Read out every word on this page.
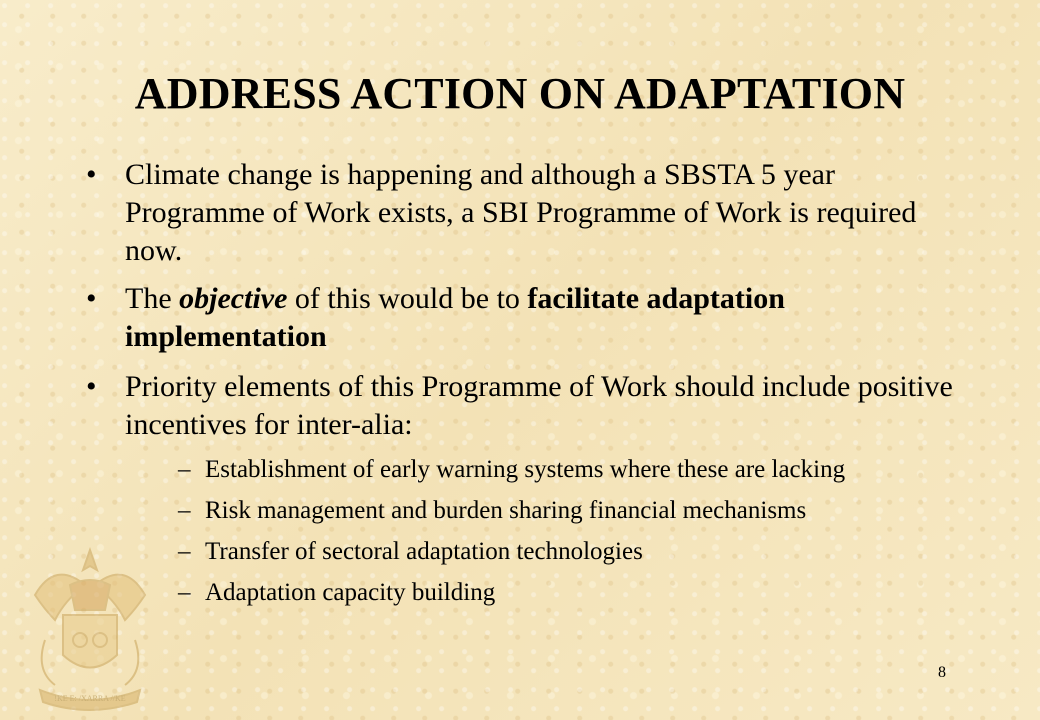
!KE E: /XARRA //KE
ADDRESS ACTION ON ADAPTATION
• Climate change is happening and although a SBSTA 5 year Programme of Work exists, a SBI Programme of Work is required now.
• The objective of this would be to facilitate adaptation implementation
• Priority elements of this Programme of Work should include positive incentives for inter-alia:
– Establishment of early warning systems where these are lacking
– Risk management and burden sharing financial mechanisms
– Transfer of sectoral adaptation technologies
– Adaptation capacity building
8
